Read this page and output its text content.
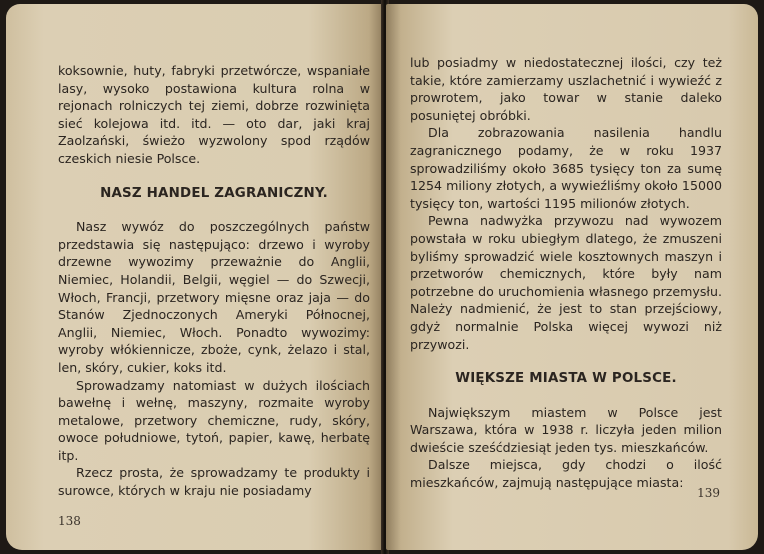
koksownie, huty, fabryki przetwórcze, wspaniałe lasy, wysoko postawiona kultura rolna w rejonach rolniczych tej ziemi, dobrze rozwinięta sieć kolejowa itd. itd. — oto dar, jaki kraj Zaolzański, świeżo wyzwolony spod rządów czeskich niesie Polsce.

NASZ HANDEL ZAGRANICZNY.

Nasz wywóz do poszczególnych państw przedstawia się następująco: drzewo i wyroby drzewne wywozimy przeważnie do Anglii, Niemiec, Holandii, Belgii, węgiel — do Szwecji, Włoch, Francji, przetwory mięsne oraz jaja — do Stanów Zjednoczonych Ameryki Północnej, Anglii, Niemiec, Włoch. Ponadto wywozimy: wyroby włókiennicze, zboże, cynk, żelazo i stal, len, skóry, cukier, koks itd.

Sprowadzamy natomiast w dużych ilościach bawełnę i wełnę, maszyny, rozmaite wyroby metalowe, przetwory chemiczne, rudy, skóry, owoce południowe, tytoń, papier, kawę, herbatę itp.

Rzecz prosta, że sprowadzamy te produkty i surowce, których w kraju nie posiadamy

138

lub posiadmy w niedostatecznej ilości, czy też takie, które zamierzamy uszlachetnić i wywieźć z prowrotem, jako towar w stanie dalеko posuniętej obróbki.

Dla zobrazowania nasilenia handlu zagranicznego podamy, że w roku 1937 sprowadziliśmy około 3685 tysięcy ton za sumę 1254 miliony złotych, a wywieźliśmy około 15000 tysięcy ton, wartości 1195 milionów złotych.

Pewna nadwyżka przywozu nad wywozem powstała w roku ubiegłym dlatego, że zmuszeni byliśmy sprowadzić wiele kosztownych maszyn i przetworów chemicznych, które były nam potrzebne do uruchomienia własnego przemysłu. Należy nadmienić, że jest to stan przejściowy, gdyż normalnie Polska więcej wywozi niż przywozi.

WIĘKSZE MIASTA W POLSCE.

Największym miastem w Polsce jest Warszawa, która w 1938 r. liczyła jeden milion dwieście sześćdziesiąt jeden tys. mieszkańców.

Dalsze miejsca, gdy chodzi o ilość mieszkańców, zajmują następujące miasta:

139
